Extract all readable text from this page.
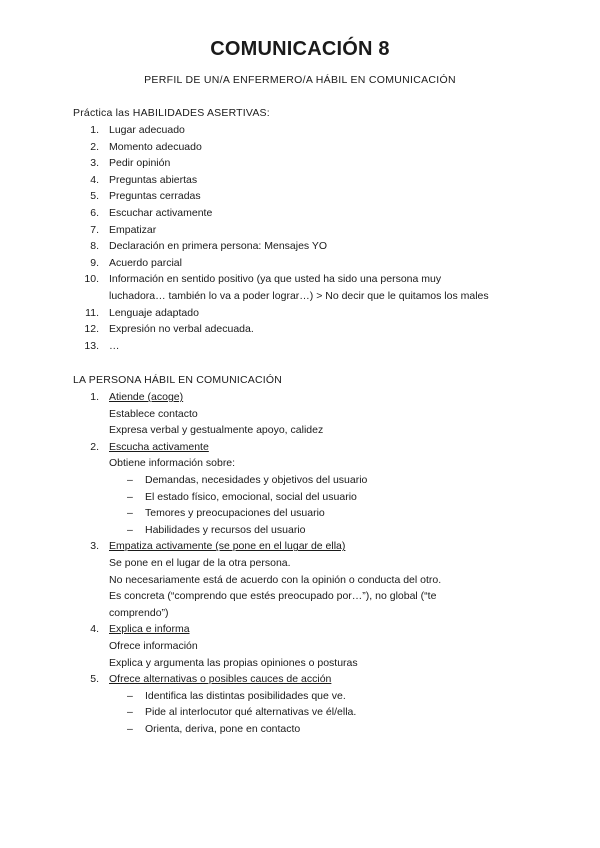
COMUNICACIÓN 8
PERFIL DE UN/A ENFERMERO/A HÁBIL EN COMUNICACIÓN
Práctica las HABILIDADES ASERTIVAS:
1. Lugar adecuado
2. Momento adecuado
3. Pedir opinión
4. Preguntas abiertas
5. Preguntas cerradas
6. Escuchar activamente
7. Empatizar
8. Declaración en primera persona: Mensajes YO
9. Acuerdo parcial
10. Información en sentido positivo (ya que usted ha sido una persona muy
luchadora… también lo va a poder lograr…) > No decir que le quitamos los males
11. Lenguaje adaptado
12. Expresión no verbal adecuada.
13. …
LA PERSONA HÁBIL EN COMUNICACIÓN
1. Atiende (acoge)
Establece contacto
Expresa verbal y gestualmente apoyo, calidez
2. Escucha activamente
Obtiene información sobre:
– Demandas, necesidades y objetivos del usuario
– El estado físico, emocional, social del usuario
– Temores y preocupaciones del usuario
– Habilidades y recursos del usuario
3. Empatiza activamente (se pone en el lugar de ella)
Se pone en el lugar de la otra persona.
No necesariamente está de acuerdo con la opinión o conducta del otro.
Es concreta (“comprendo que estés preocupado por…”), no global (“te
comprendo”)
4. Explica e informa
Ofrece información
Explica y argumenta las propias opiniones o posturas
5. Ofrece alternativas o posibles cauces de acción
– Identifica las distintas posibilidades que ve.
– Pide al interlocutor qué alternativas ve él/ella.
– Orienta, deriva, pone en contacto
